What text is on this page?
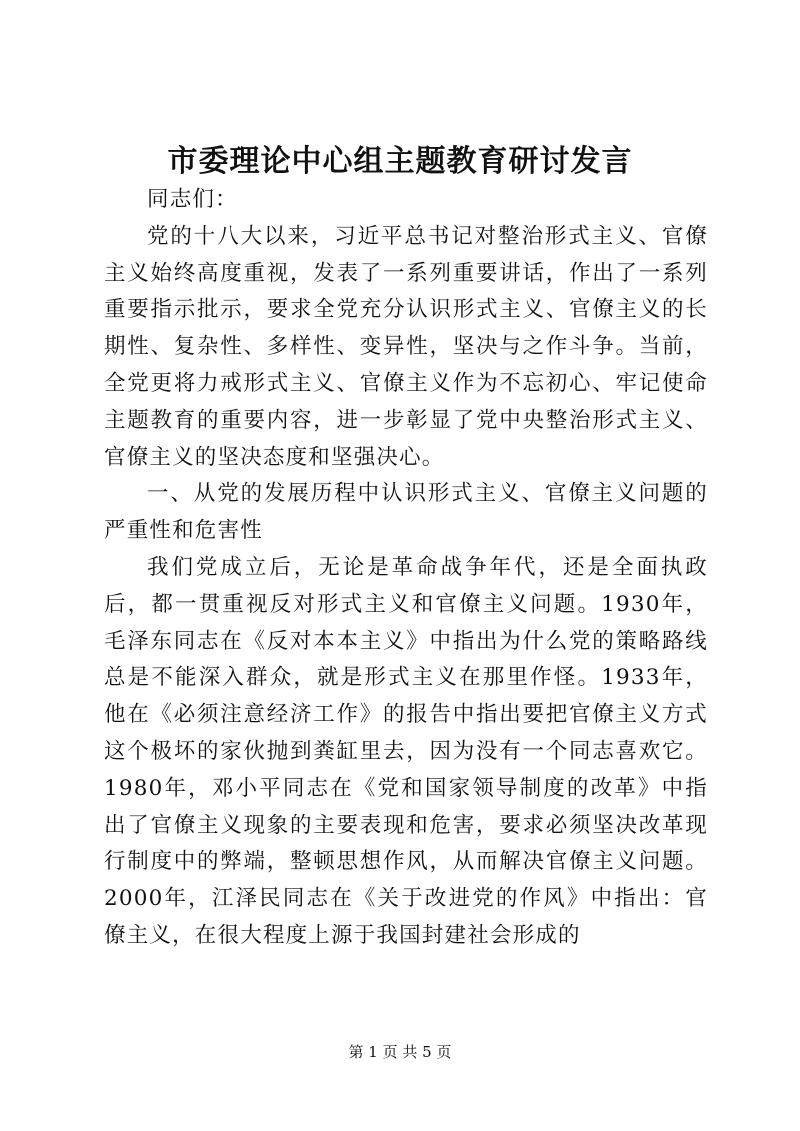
市委理论中心组主题教育研讨发言

同志们：

党的十八大以来，习近平总书记对整治形式主义、官僚主义始终高度重视，发表了一系列重要讲话，作出了一系列重要指示批示，要求全党充分认识形式主义、官僚主义的长期性、复杂性、多样性、变异性，坚决与之作斗争。当前，全党更将力戒形式主义、官僚主义作为不忘初心、牢记使命主题教育的重要内容，进一步彰显了党中央整治形式主义、官僚主义的坚决态度和坚强决心。

一、从党的发展历程中认识形式主义、官僚主义问题的严重性和危害性

我们党成立后，无论是革命战争年代，还是全面执政后，都一贯重视反对形式主义和官僚主义问题。1930年，毛泽东同志在《反对本本主义》中指出为什么党的策略路线总是不能深入群众，就是形式主义在那里作怪。1933年，他在《必须注意经济工作》的报告中指出要把官僚主义方式这个极坏的家伙抛到粪缸里去，因为没有一个同志喜欢它。1980年，邓小平同志在《党和国家领导制度的改革》中指出了官僚主义现象的主要表现和危害，要求必须坚决改革现行制度中的弊端，整顿思想作风，从而解决官僚主义问题。2000年，江泽民同志在《关于改进党的作风》中指出：官僚主义，在很大程度上源于我国封建社会形成的

第 1 页 共 5 页
